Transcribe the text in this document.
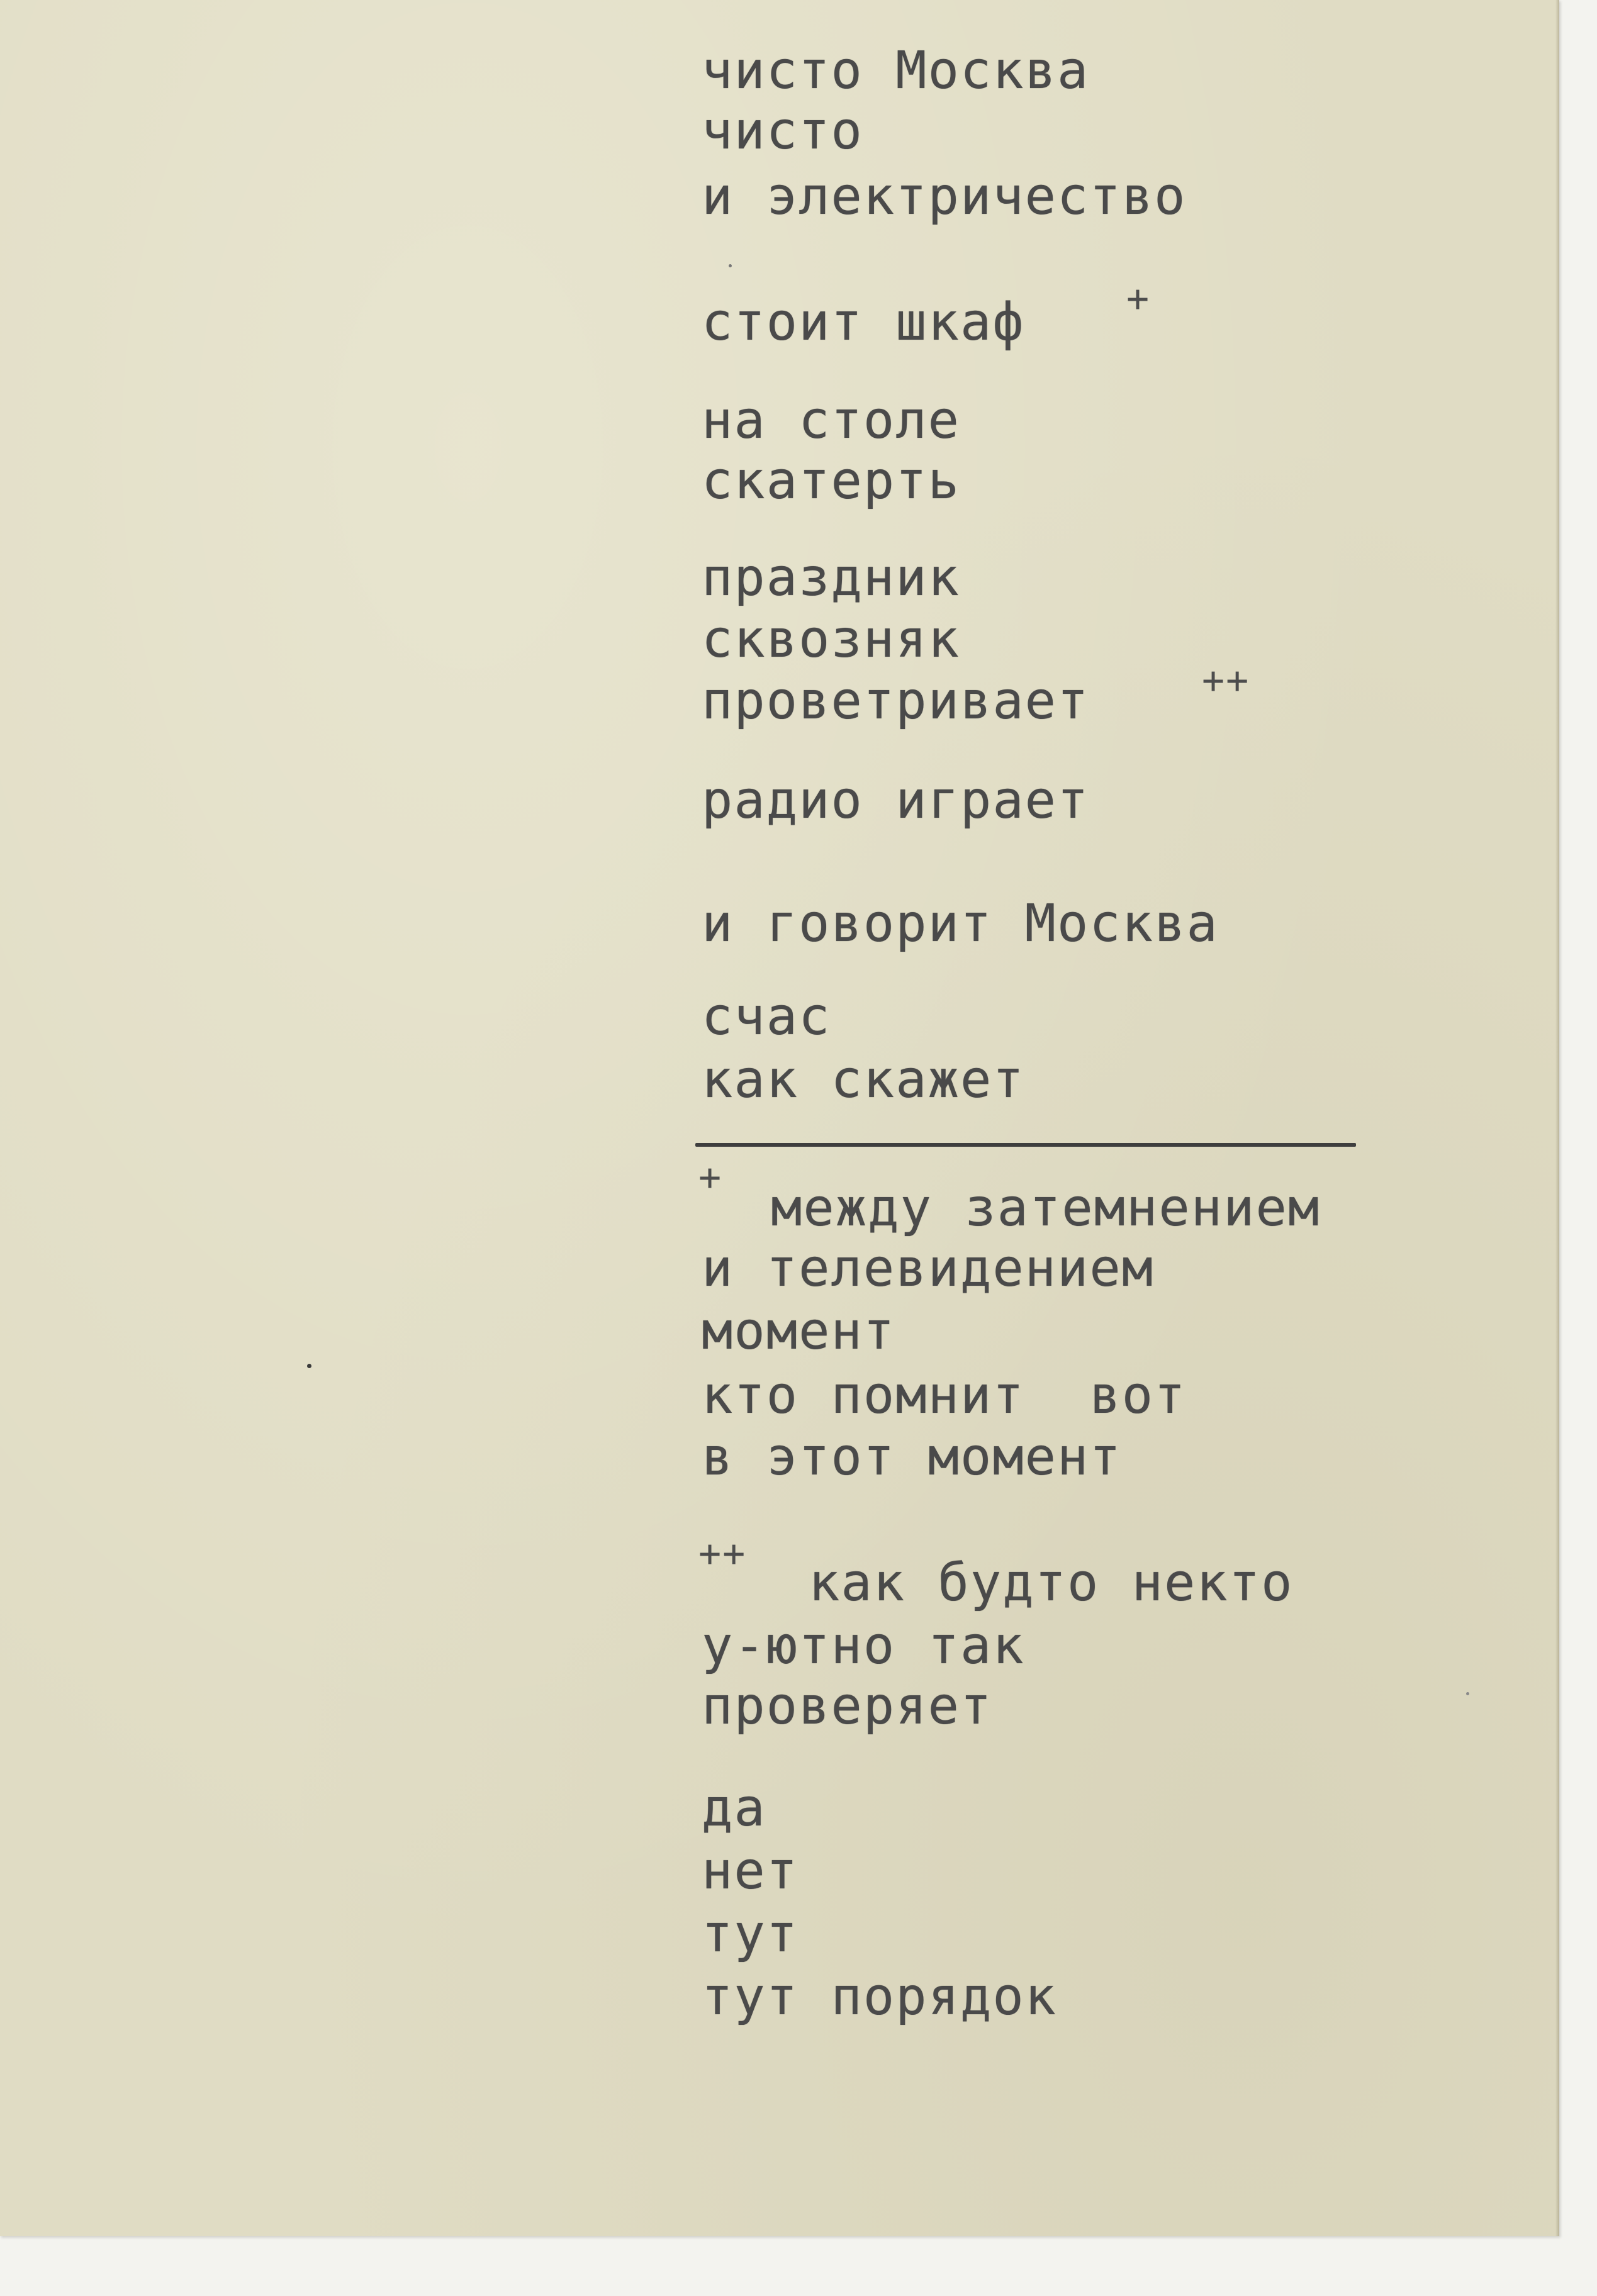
чисто Москва
чисто
и электричество
стоит шкаф	+
на столе
скатерть
праздник
сквозняк
проветривает	++
радио играет
и говорит Москва
счас
как скажет
+
между затемнением
и телевидением
момент
кто помнит  вот
в этот момент
++ как будто некто
у-ютно так
проверяет
да
нет
тут
тут порядок
